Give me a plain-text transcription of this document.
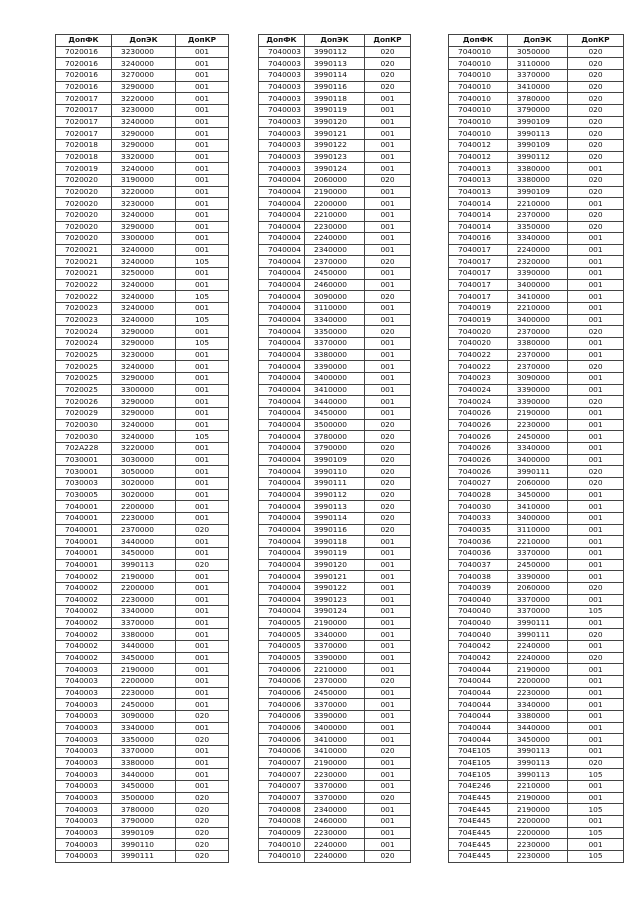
ДопФК	ДопЭК	ДопКР
7020016	3230000	001
7020016	3240000	001
7020016	3270000	001
7020016	3290000	001
7020017	3220000	001
7020017	3230000	001
7020017	3240000	001
7020017	3290000	001
7020018	3290000	001
7020018	3320000	001
7020019	3240000	001
7020020	3190000	001
7020020	3220000	001
7020020	3230000	001
7020020	3240000	001
7020020	3290000	001
7020020	3300000	001
7020021	3240000	001
7020021	3240000	105
7020021	3250000	001
7020022	3240000	001
7020022	3240000	105
7020023	3240000	001
7020023	3240000	105
7020024	3290000	001
7020024	3290000	105
7020025	3230000	001
7020025	3240000	001
7020025	3290000	001
7020025	3300000	001
7020026	3290000	001
7020029	3290000	001
7020030	3240000	001
7020030	3240000	105
702A228	3220000	001
7030001	3030000	001
7030001	3050000	001
7030003	3020000	001
7030005	3020000	001
7040001	2200000	001
7040001	2230000	001
7040001	2370000	020
7040001	3440000	001
7040001	3450000	001
7040001	3990113	020
7040002	2190000	001
7040002	2200000	001
7040002	2230000	001
7040002	3340000	001
7040002	3370000	001
7040002	3380000	001
7040002	3440000	001
7040002	3450000	001
7040003	2190000	001
7040003	2200000	001
7040003	2230000	001
7040003	2450000	001
7040003	3090000	020
7040003	3340000	001
7040003	3350000	020
7040003	3370000	001
7040003	3380000	001
7040003	3440000	001
7040003	3450000	001
7040003	3500000	020
7040003	3780000	020
7040003	3790000	020
7040003	3990109	020
7040003	3990110	020
7040003	3990111	020
ДопФК	ДопЭК	ДопКР
7040003	3990112	020
7040003	3990113	020
7040003	3990114	020
7040003	3990116	020
7040003	3990118	001
7040003	3990119	001
7040003	3990120	001
7040003	3990121	001
7040003	3990122	001
7040003	3990123	001
7040003	3990124	001
7040004	2060000	020
7040004	2190000	001
7040004	2200000	001
7040004	2210000	001
7040004	2230000	001
7040004	2240000	001
7040004	2340000	001
7040004	2370000	020
7040004	2450000	001
7040004	2460000	001
7040004	3090000	020
7040004	3110000	001
7040004	3340000	001
7040004	3350000	020
7040004	3370000	001
7040004	3380000	001
7040004	3390000	001
7040004	3400000	001
7040004	3410000	001
7040004	3440000	001
7040004	3450000	001
7040004	3500000	020
7040004	3780000	020
7040004	3790000	020
7040004	3990109	020
7040004	3990110	020
7040004	3990111	020
7040004	3990112	020
7040004	3990113	020
7040004	3990114	020
7040004	3990116	020
7040004	3990118	001
7040004	3990119	001
7040004	3990120	001
7040004	3990121	001
7040004	3990122	001
7040004	3990123	001
7040004	3990124	001
7040005	2190000	001
7040005	3340000	001
7040005	3370000	001
7040005	3390000	001
7040006	2210000	001
7040006	2370000	020
7040006	2450000	001
7040006	3370000	001
7040006	3390000	001
7040006	3400000	001
7040006	3410000	001
7040006	3410000	020
7040007	2190000	001
7040007	2230000	001
7040007	3370000	001
7040007	3370000	020
7040008	2340000	001
7040008	2460000	001
7040009	2230000	001
7040010	2240000	001
7040010	2240000	020
ДопФК	ДопЭК	ДопКР
7040010	3050000	020
7040010	3110000	020
7040010	3370000	020
7040010	3410000	020
7040010	3780000	020
7040010	3790000	020
7040010	3990109	020
7040010	3990113	020
7040012	3990109	020
7040012	3990112	020
7040013	3380000	001
7040013	3380000	020
7040013	3990109	020
7040014	2210000	001
7040014	2370000	020
7040014	3350000	020
7040016	3340000	001
7040017	2240000	001
7040017	2320000	001
7040017	3390000	001
7040017	3400000	001
7040017	3410000	001
7040019	2210000	001
7040019	3400000	001
7040020	2370000	020
7040020	3380000	001
7040022	2370000	001
7040022	2370000	020
7040023	3090000	001
7040024	3390000	001
7040024	3390000	020
7040026	2190000	001
7040026	2230000	001
7040026	2450000	001
7040026	3340000	001
7040026	3400000	001
7040026	3990111	020
7040027	2060000	020
7040028	3450000	001
7040030	3410000	001
7040033	3400000	001
7040035	3110000	001
7040036	2210000	001
7040036	3370000	001
7040037	2450000	001
7040038	3390000	001
7040039	2060000	020
7040040	3370000	001
7040040	3370000	105
7040040	3990111	001
7040040	3990111	020
7040042	2240000	001
7040042	2240000	020
7040044	2190000	001
7040044	2200000	001
7040044	2230000	001
7040044	3340000	001
7040044	3380000	001
7040044	3440000	001
7040044	3450000	001
704E105	3990113	001
704E105	3990113	020
704E105	3990113	105
704E246	2210000	001
704E445	2190000	001
704E445	2190000	105
704E445	2200000	001
704E445	2200000	105
704E445	2230000	001
704E445	2230000	105
